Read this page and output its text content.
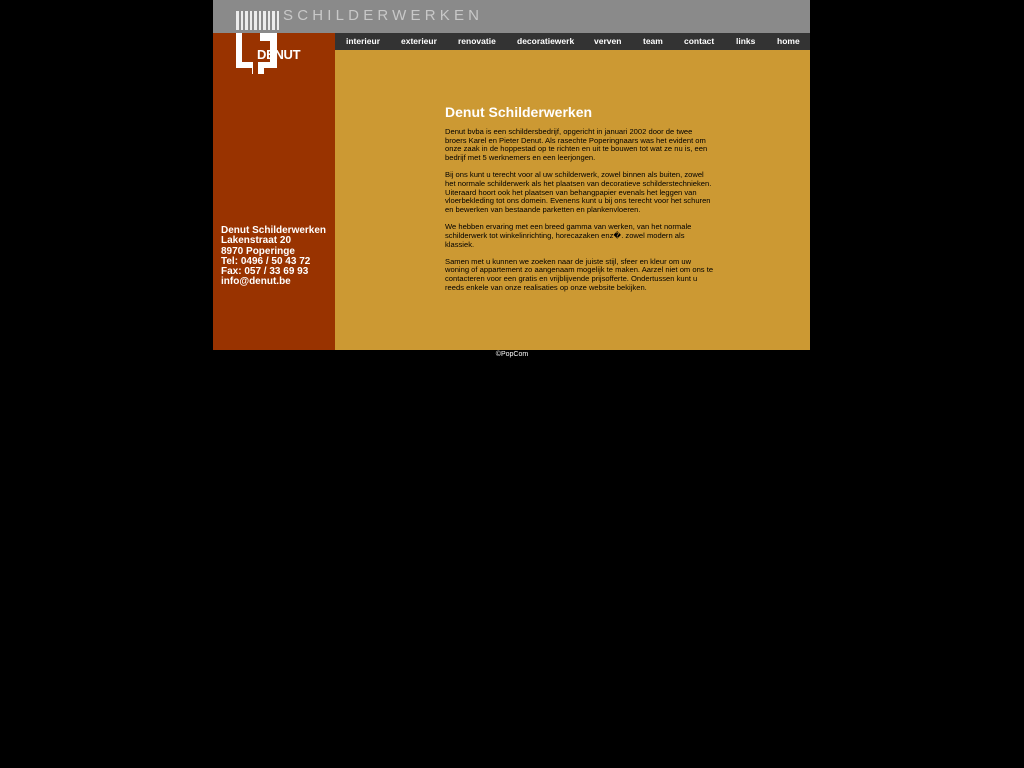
SCHILDERWERKEN
DENUT
Denut Schilderwerken
Lakenstraat 20
8970 Poperinge
Tel: 0496 / 50 43 72
Fax: 057 / 33 69 93
info@denut.be
interieur exterieur renovatie decoratiewerk verven	team contact	links	home
Denut Schilderwerken

Denut bvba is een schildersbedrijf, opgericht in januari 2002 door de twee broers Karel en Pieter Denut. Als rasechte Poperingnaars was het evident om onze zaak in de hoppestad op te richten en uit te bouwen tot wat ze nu is, een bedrijf met 5 werknemers en een leerjongen.

Bij ons kunt u terecht voor al uw schilderwerk, zowel binnen als buiten, zowel het normale schilderwerk als het plaatsen van decoratieve schilderstechnieken. Uiteraard hoort ook het plaatsen van behangpapier evenals het leggen van vloerbekleding tot ons domein. Evenens kunt u bij ons terecht voor het schuren en bewerken van bestaande parketten en plankenvloeren.

We hebben ervaring met een breed gamma van werken, van het normale schilderwerk tot winkelinrichting, horecazaken enz�. zowel modern als klassiek.

Samen met u kunnen we zoeken naar de juiste stijl, sfeer en kleur om uw woning of appartement zo aangenaam mogelijk te maken. Aarzel niet om ons te contacteren voor een gratis en vrijblijvende prijsofferte. Ondertussen kunt u reeds enkele van onze realisaties op onze website bekijken.

©PopCom
